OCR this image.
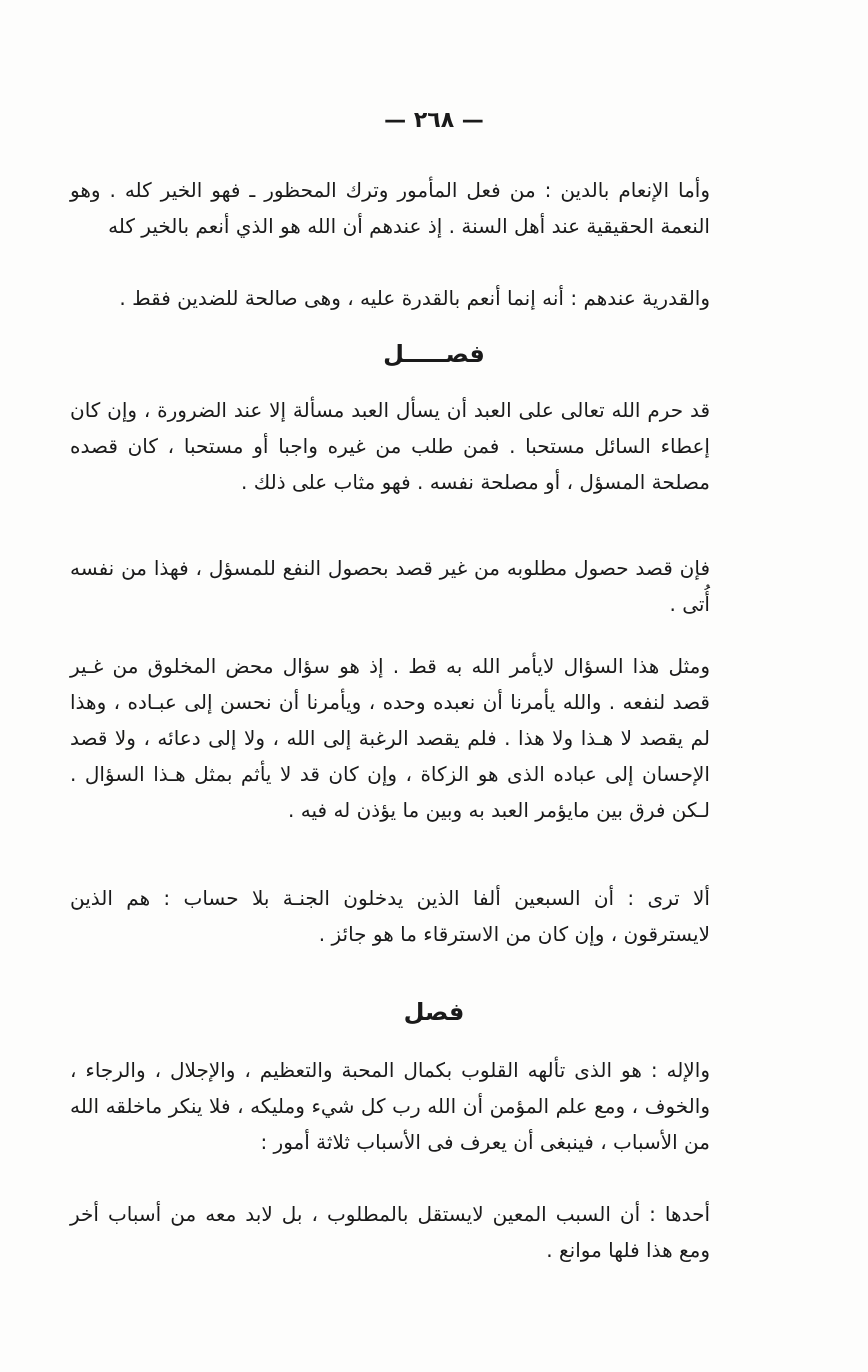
— ٢٦٨ —

وأما الإنعام بالدين : من فعل المأمور وترك المحظور ـ فهو الخير كله . وهو النعمة الحقيقية عند أهل السنة . إذ عندهم أن الله هو الذي أنعم بالخير كله

والقدرية عندهم : أنه إنما أنعم بالقدرة عليه ، وهى صالحة للضدين فقط .

فصـــــل

قد حرم الله تعالى على العبد أن يسأل العبد مسألة إلا عند الضرورة ، وإن كان إعطاء السائل مستحبا . فمن طلب من غيره واجبا أو مستحبا ، كان قصده مصلحة المسؤل ، أو مصلحة نفسه . فهو مثاب على ذلك .

فإن قصد حصول مطلوبه من غير قصد بحصول النفع للمسؤل ، فهذا من نفسه أُتى .

ومثل هذا السؤال لايأمر الله به قط . إذ هو سؤال محض المخلوق من غـير قصد لنفعه . والله يأمرنا أن نعبده وحده ، ويأمرنا أن نحسن إلى عبـاده ، وهذا لم يقصد لا هـذا ولا هذا . فلم يقصد الرغبة إلى الله ، ولا إلى دعائه ، ولا قصد الإحسان إلى عباده الذى هو الزكاة ، وإن كان قد لا يأثم بمثل هـذا السؤال . لـكن فرق بين مايؤمر العبد به وبين ما يؤذن له فيه .

ألا ترى : أن السبعين ألفا الذين يدخلون الجنـة بلا حساب : هم الذين لايسترقون ، وإن كان من الاسترقاء ما هو جائز .

فصل

والإله : هو الذى تألهه القلوب بكمال المحبة والتعظيم ، والإجلال ، والرجاء ، والخوف ، ومع علم المؤمن أن الله رب كل شيء ومليكه ، فلا ينكر ماخلقه الله من الأسباب ، فينبغى أن يعرف فى الأسباب ثلاثة أمور :

أحدها : أن السبب المعين لايستقل بالمطلوب ، بل لابد معه من أسباب أخر ومع هذا فلها موانع .
